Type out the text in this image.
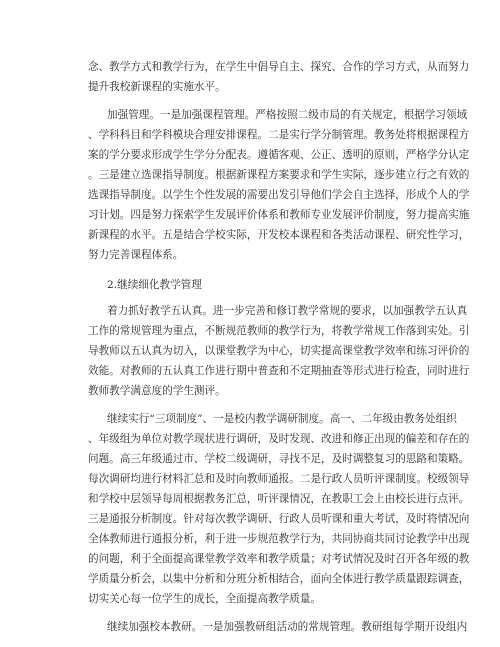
念、教学方式和教学行为，在学生中倡导自主、探究、合作的学习方式，从而努力
提升我校新课程的实施水平。
加强管理。一是加强课程管理。严格按照二级市局的有关规定，根据学习领域
、学科科目和学科模块合理安排课程。二是实行学分制管理。教务处将根据课程方
案的学分要求形成学生学分分配表。遵循客观、公正、透明的原则，严格学分认定
。三是建立选课指导制度。根据新课程方案要求和学生实际，逐步建立行之有效的
选课指导制度。以学生个性发展的需要出发引导他们学会自主选择，形成个人的学
习计划。四是努力探索学生发展评价体系和教师专业发展评价制度，努力提高实施
新课程的水平。五是结合学校实际，开发校本课程和各类活动课程、研究性学习，
努力完善课程体系。
2.继续细化教学管理
着力抓好教学五认真。进一步完善和修订教学常规的要求，以加强教学五认真
工作的常规管理为重点，不断规范教师的教学行为，将教学常规工作落到实处。引
导教师以五认真为切入，以课堂教学为中心，切实提高课堂教学效率和练习评价的
效能。对教师的五认真工作进行期中普查和不定期抽查等形式进行检查，同时进行
教师教学满意度的学生测评。
继续实行“三项制度”、一是校内教学调研制度。高一、二年级由教务处组织
、年级组为单位对教学现状进行调研，及时发现、改进和修正出现的偏差和存在的
问题。高三年级通过市、学校二级调研，寻找不足，及时调整复习的思路和策略。
每次调研均进行材料汇总和及时向教师通报。二是行政人员听评课制度。校级领导
和学校中层领导每周根据教务汇总，听评课情况，在教职工会上由校长进行点评。
三是通报分析制度。针对每次教学调研、行政人员听课和重大考试，及时将情况向
全体教师进行通报分析，利于进一步规范教学行为，共同协商共同讨论教学中出现
的问题，利于全面提高课堂教学效率和教学质量；对考试情况及时召开各年级的教
学质量分析会，以集中分析和分班分析相结合，面向全体进行教学质量跟踪调查，
切实关心每一位学生的成长，全面提高教学质量。
继续加强校本教研。一是加强教研组活动的常规管理。教研组每学期开设组内
